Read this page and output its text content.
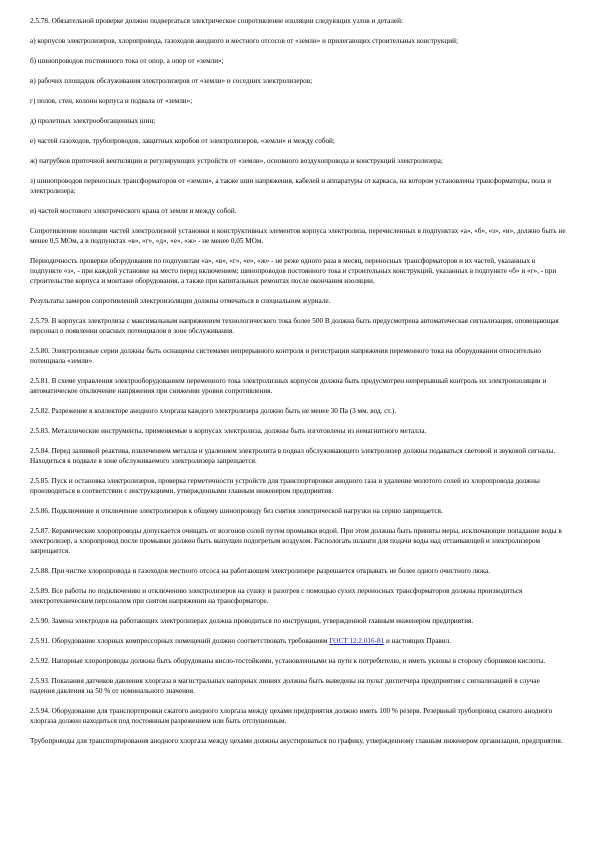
2.5.78. Обязательной проверке должно подвергаться электрическое сопротивление изоляции следующих узлов и деталей:

а) корпусов электролизеров, хлоропровода, газоходов анодного и местного отсосов от «земли» и прилегающих строительных конструкций;

б) шинопроводов постоянного тока от опор, а опор от «земли»;

в) рабочих площадок обслуживания электролизеров от «земли» и соседних электролизеров;

г) полов, стен, колонн корпуса и подвала от «земли»;

д) пролетных электрообогащенных шин;

е) частей газоходов, трубопроводов, защитных коробов от электролизеров, «земли» и между собой;

ж) патрубков приточной вентиляции и регулирующих устройств от «земли», основного воздухопровода и конструкций электролизера;

з) шинопроводов переносных трансформаторов от «земли», а также шин напряжения, кабелей и аппаратуры от каркаса, на котором установлены трансформаторы, пола и электролизера;

и) частей мостового электрического крана от земли и между собой.

Сопротивление изоляции частей электролизной установки и конструктивных элементов корпуса электролиза, перечисленных в подпунктах «а», «б», «з», «и», должно быть не менее 0,5 МОм, а в подпунктах «в», «г», «д», «е», «ж» - не менее 0,05 МОм.

Периодичность проверки оборудования по подпунктам «а», «в», «г», «е», «ж» - не реже одного раза в месяц, переносных трансформаторов и их частей, указанных в подпункте «з», - при каждой установке на место перед включением; шинопроводов постоянного тока и строительных конструкций, указанных в подпункте «б» и «г», - при строительстве корпуса и монтаже оборудования, а также при капитальных ремонтах после окончания изоляции.

Результаты замеров сопротивлений электроизоляции должны отмечаться в специальном журнале.

2.5.79. В корпусах электролиза с максимальным напряжением технологического тока более 500 В должна быть предусмотрена автоматическая сигнализация, оповещающая персонал о появлении опасных потенциалов в зоне обслуживания.

2.5.80. Электролизные серии должны быть оснащены системами непрерывного контроля и регистрации напряжения переменного тока на оборудовании относительно потенциала «земли».

2.5.81. В схеме управления электрооборудованием переменного тока электролизных корпусов должна быть предусмотрен непрерывный контроль их электроизоляции и автоматическое отключение напряжения при снижении уровня сопротивления.

2.5.82. Разрежение в коллекторе анодного хлоргаза каждого электролизера должно быть не менее 30 Па (3 мм. вод. ст.).

2.5.83. Металлические инструменты, применяемые в корпусах электролиза, должны быть изготовлены из немагнитного металла.

2.5.84. Перед заливкой реактива, извлечением металла и удалением электролита в подвал обслуживающего электролизер должны подаваться световой и звуковой сигналы. Находиться в подвале в зоне обслуживаемого электролизера запрещается.

2.5.85. Пуск и остановка электролизеров, проверка герметичности устройств для транспортировки анодного газа и удаление молотого солей из хлоропровода должны производиться в соответствии с инструкциями, утвержденными главным инженером предприятия.

2.5.86. Подключение и отключение электролизеров к общему шинопроводу без снятия электрической нагрузки на серию запрещается.

2.5.87. Керамические хлоропроводы допускается очищать от возгонов солей путем промывки водой. При этом должны быть приняты меры, исключающие попадание воды в электролизер, а хлоропровод после промывки должен быть выпущен подогретым воздухом. Распологать шланги для подачи воды над оттаивающей и электролизером запрещается.

2.5.88. При чистке хлоропровода и газоходов местного отсоса на работающем электролизере разрешается открывать не более одного очистного люка.

2.5.89. Все работы по подключению и отключению электролизеров на сушку и разогрев с помощью сухих переносных трансформаторов должны производиться электротехническим персоналом при снятом напряжении на трансформаторе.

2.5.90. Замена электродов на работающих электролизерах должна проводиться по инструкции, утвержденной главным инженером предприятия.

2.5.91. Оборудование хлорных компрессорных помещений должно соответствовать требованиям ГОСТ 12.2.016-81 и настоящих Правил.

2.5.92. Напорные хлоропроводы должны быть оборудованы кисло-тостойкими, установленными на пути к потребителю, и иметь уклоны в сторону сборников кислоты.

2.5.93. Показания датчиков давления хлоргаза в магистральных напорных линиях должны быть выведены на пульт диспетчера предприятия с сигнализацией в случае падения давления на 50 % от номинального значения.

2.5.94. Оборудование для транспортировки сжатого анодного хлоргаза между цехами предприятия должно иметь 100 % резерв. Резервный трубопровод сжатого анодного хлоргаза должен находиться под постоянным разрежением или быть отглушенным.

Трубопроводы для транспортирования анодного хлоргаза между цехами должны акустироваться по графику, утвержденному главным инженером организации, предприятия.
